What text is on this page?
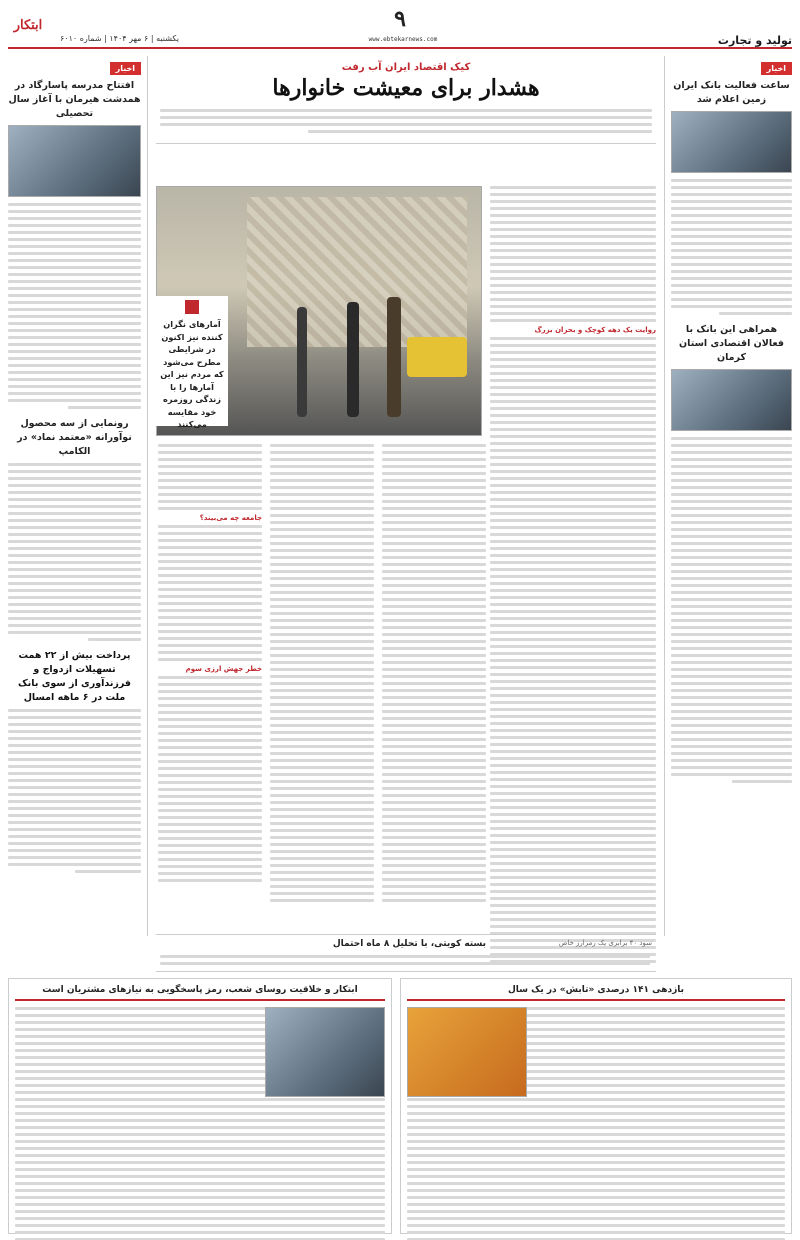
ابتکار
یکشنبه | ۶ مهر ۱۴۰۴ | شماره ۶۰۱۰
۹
www.ebtekarnews.com	تولید و تجارت
اخبار
ساعت فعالیت بانک ایران زمین اعلام شد
همراهی این بانک با فعالان اقتصادی استان کرمان
اخبار
افتتاح مدرسه پاسارگاد در همدشت هیرمان با آغاز سال تحصیلی
رونمایی از سه محصول نوآورانه «معتمد نماد» در الکامپ
پرداخت بیش از ۲۲ همت تسهیلات ازدواج و فرزندآوری از سوی بانک ملت در ۶ ماهه امسال
کیک اقتصاد ایران آب رفت
هشدار برای معیشت خانوارها
روایت یک دهه کوچک و بحران بزرگ
آمارهای نگران کننده‌ نیز اکنون در شرایطی مطرح می‌شود که مردم نیز این آمارها را با زندگی روزمره خود مقایسه می‌کنند
جامعه چه می‌بیند؟
خطر جهش ارزی سوم
بسته کویتی، با تحلیل ۸ ماه احتمال	سود ۴۰ برابری یک رمزارز خاص
ابتکار و خلاقیت روسای شعب، رمز پاسخگویی به نیازهای مشتریان است	بازدهی ۱۴۱ درصدی «تابش» در یک سال
